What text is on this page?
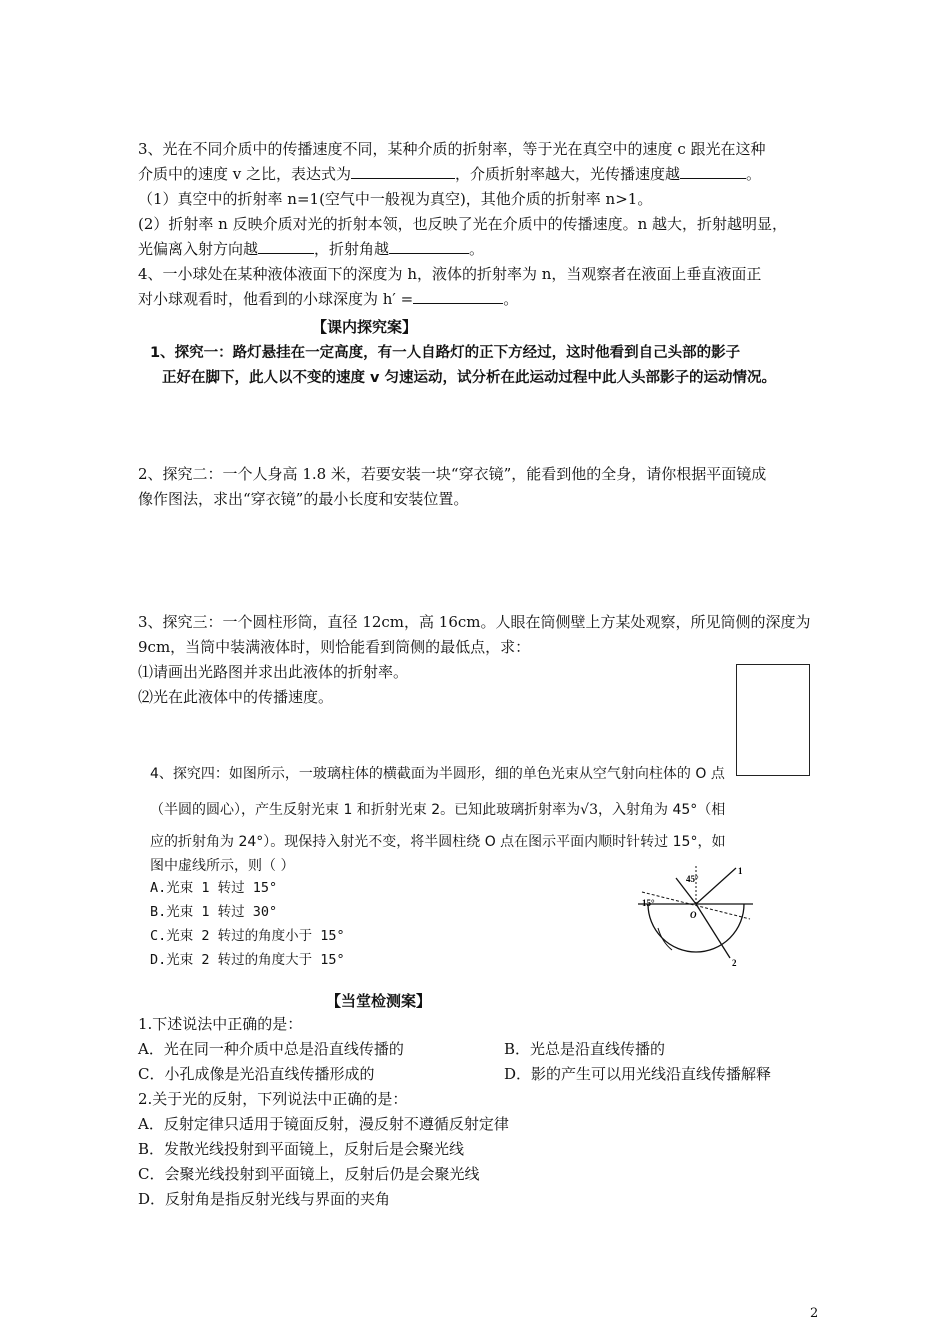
3、光在不同介质中的传播速度不同，某种介质的折射率，等于光在真空中的速度 c 跟光在这种
介质中的速度 v 之比，表达式为	，介质折射率越大，光传播速度越	。
（1）真空中的折射率 n=1(空气中一般视为真空)，其他介质的折射率 n>1。
(2）折射率 n 反映介质对光的折射本领，也反映了光在介质中的传播速度。n 越大，折射越明显，
光偏离入射方向越	，折射角越	。
4、一小球处在某种液体液面下的深度为 h，液体的折射率为 n，当观察者在液面上垂直液面正
对小球观看时，他看到的小球深度为 h′ =	。
【课内探究案】
1、探究一：路灯悬挂在一定高度，有一人自路灯的正下方经过，这时他看到自己头部的影子
正好在脚下，此人以不变的速度 v 匀速运动，试分析在此运动过程中此人头部影子的运动情况。
2、探究二：一个人身高 1.8 米，若要安装一块“穿衣镜”，能看到他的全身，请你根据平面镜成
像作图法，求出“穿衣镜”的最小长度和安装位置。
3、探究三：一个圆柱形筒，直径 12cm，高 16cm。人眼在筒侧壁上方某处观察，所见筒侧的深度为
9cm，当筒中装满液体时，则恰能看到筒侧的最低点，求：
⑴请画出光路图并求出此液体的折射率。
⑵光在此液体中的传播速度。
4、探究四：如图所示，一玻璃柱体的横截面为半圆形，细的单色光束从空气射向柱体的 O 点
（半圆的圆心），产生反射光束 1 和折射光束 2。已知此玻璃折射率为√3，入射角为 45°（相
应的折射角为 24°）。现保持入射光不变，将半圆柱绕 O 点在图示平面内顺时针转过 15°，如
图中虚线所示，则（ ）
A.光束 1 转过 15°
B.光束 1 转过 30°
C.光束 2 转过的角度小于 15°
D.光束 2 转过的角度大于 15°
45°
15°
O
1
2
【当堂检测案】
1.下述说法中正确的是：
A．光在同一种介质中总是沿直线传播的	B．光总是沿直线传播的
C．小孔成像是光沿直线传播形成的	D．影的产生可以用光线沿直线传播解释
2.关于光的反射，下列说法中正确的是：
A．反射定律只适用于镜面反射，漫反射不遵循反射定律
B．发散光线投射到平面镜上，反射后是会聚光线
C．会聚光线投射到平面镜上，反射后仍是会聚光线
D．反射角是指反射光线与界面的夹角
2
